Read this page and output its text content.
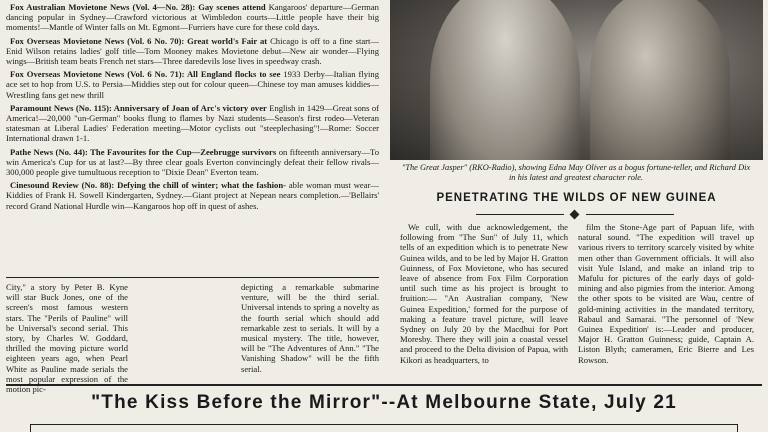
Fox Australian Movietone News (Vol. 4—No. 28): Gay scenes attend Kangaroos' departure—German dancing popular in Sydney—Crawford victorious at Wimbledon courts—Little people have their big moments!—Mantle of Winter falls on Mt. Egmont—Furriers have cure for these cold days.

Fox Overseas Movietone News (Vol. 6 No. 70): Great world's Fair at Chicago is off to a fine start—Enid Wilson retains ladies' golf title—Tom Mooney makes Movietone debut—New air wonder—Flying wings—British team beats French net stars—Three daredevils lose lives in speedway crash.

Fox Overseas Movietone News (Vol. 6 No. 71): All England flocks to see 1933 Derby—Italian flying ace set to hop from U.S. to Persia—Middies step out for colour queen—Chinese toy man amuses kiddies—Wrestling fans get new thrill

Paramount News (No. 115): Anniversary of Joan of Arc's victory over English in 1429—Great sons of America!—20,000 "un-German" books flung to flames by Nazi students—Season's first rodeo—Veteran statesman at Liberal Ladies' Federation meeting—Motor cyclists out "steeplechasing"!—Rome: Soccer International drawn 1-1.

Pathe News (No. 44): The Favourites for the Cup—Zeebrugge survivors on fifteenth anniversary—To win America's Cup for us at last?—By three clear goals Everton convincingly defeat their fellow rivals—300,000 people give tumultuous reception to "Dixie Dean" Everton team.

Cinesound Review (No. 88): Defying the chill of winter; what the fashion- able woman must wear—Kiddies of Frank H. Sowell Kindergarten, Sydney.—Giant project at Nepean nears completion.—'Bellairs' record Grand National Hurdle win—Kangaroos hop off in quest of ashes.

City," a story by Peter B. Kyne will star Buck Jones, one of the screen's most famous western stars. The "Perils of Pauline" will be Universal's second serial. This story, by Charles W. Goddard, thrilled the moving picture world eighteen years ago, when Pearl White as Pauline made serials the most popular expression of the motion pic-

depicting a remarkable submarine venture, will be the third serial. Universal intends to spring a novelty as the fourth serial which should add remarkable zest to serials. It will by a musical mystery. The title, however, will be "The Adventures of Ann." "The Vanishing Shadow" will be the fifth serial.

"The Great Jasper" (RKO-Radio), showing Edna May Oliver as a bogus fortune-teller, and Richard Dix in his latest and greatest character role.
PENETRATING THE WILDS OF NEW GUINEA

We cull, with due acknowledgement, the following from "The Sun" of July 11, which tells of an expedition which is to penetrate New Guinea wilds, and to be led by Major H. Gratton Guinness, of Fox Movietone, who has secured leave of absence from Fox Film Corporation until such time as his project is brought to fruition:— "An Australian company, 'New Guinea Expedition,' formed for the purpose of making a feature travel picture, will leave Sydney on July 20 by the Macdhui for Port Moresby. There they will join a coastal vessel and proceed to the Delta division of Papua, with Kikori as headquarters, to

film the Stone-Age part of Papuan life, with natural sound. "The expedition will travel up various rivers to territory scarcely visited by white men other than Government officials. It will also visit Yule Island, and make an inland trip to Mafulu for pictures of the early days of gold-mining and also pigmies from the interior. Among the other spots to be visited are Wau, centre of gold-mining activities in the mandated territory, Rabaul and Samarai. "The personnel of 'New Guinea Expedition' is:—Leader and producer, Major H. Gratton Guinness; guide, Captain A. Liston Blyth; cameramen, Eric Bierre and Les Rowson.

"The Kiss Before the Mirror"--At Melbourne State, July 21
